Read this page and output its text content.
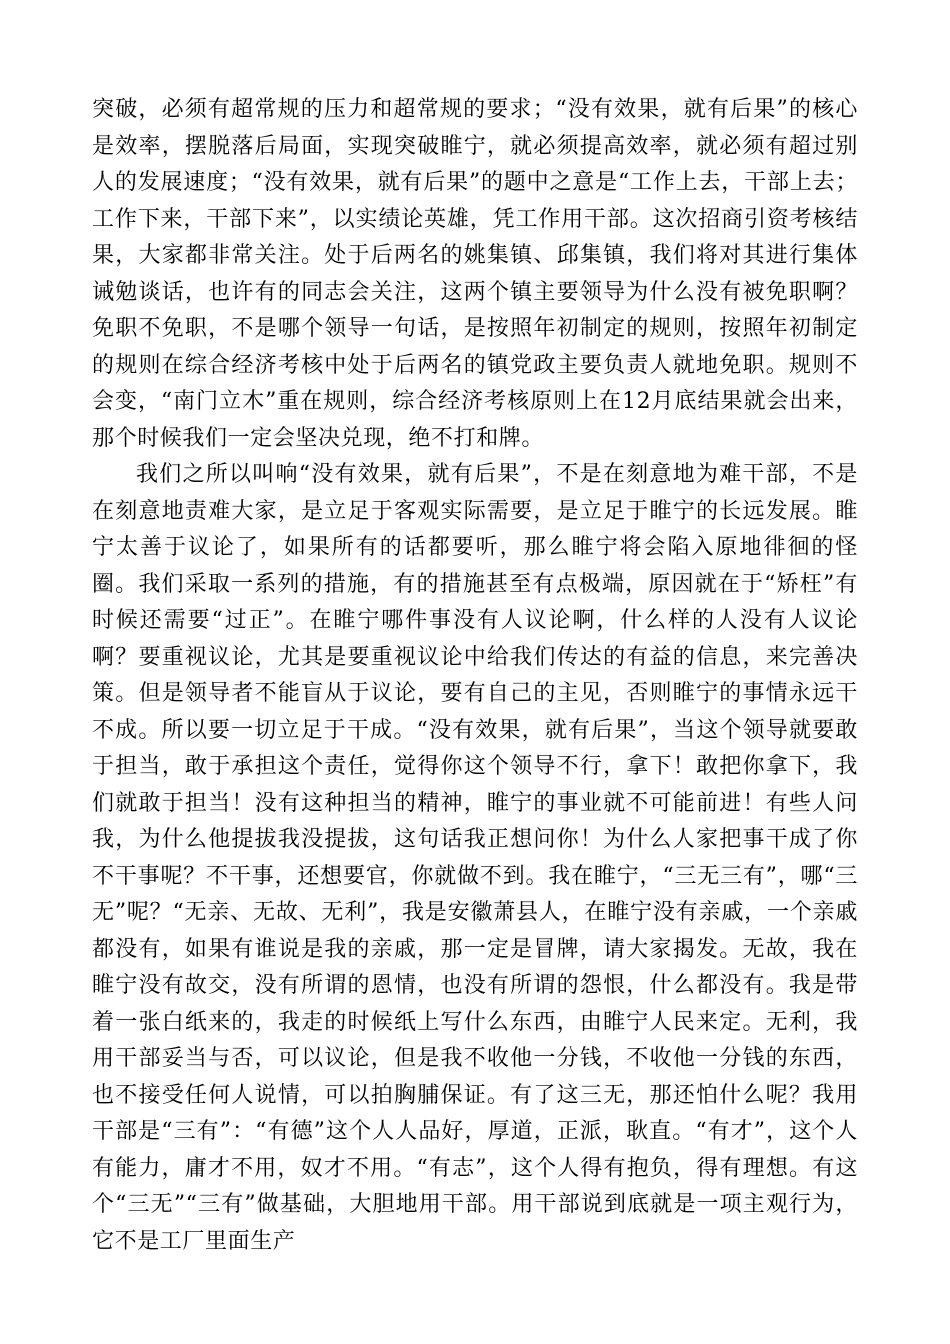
突破，必须有超常规的压力和超常规的要求；“没有效果，就有后果”的核心是效率，摆脱落后局面，实现突破睢宁，就必须提高效率，就必须有超过别人的发展速度；“没有效果，就有后果”的题中之意是“工作上去，干部上去；工作下来，干部下来”，以实绩论英雄，凭工作用干部。这次招商引资考核结果，大家都非常关注。处于后两名的姚集镇、邱集镇，我们将对其进行集体诫勉谈话，也许有的同志会关注，这两个镇主要领导为什么没有被免职啊？免职不免职，不是哪个领导一句话，是按照年初制定的规则，按照年初制定的规则在综合经济考核中处于后两名的镇党政主要负责人就地免职。规则不会变，“南门立木”重在规则，综合经济考核原则上在12月底结果就会出来，那个时候我们一定会坚决兑现，绝不打和牌。

我们之所以叫响“没有效果，就有后果”，不是在刻意地为难干部，不是在刻意地责难大家，是立足于客观实际需要，是立足于睢宁的长远发展。睢宁太善于议论了，如果所有的话都要听，那么睢宁将会陷入原地徘徊的怪圈。我们采取一系列的措施，有的措施甚至有点极端，原因就在于“矫枉”有时候还需要“过正”。在睢宁哪件事没有人议论啊，什么样的人没有人议论啊？要重视议论，尤其是要重视议论中给我们传达的有益的信息，来完善决策。但是领导者不能盲从于议论，要有自己的主见，否则睢宁的事情永远干不成。所以要一切立足于干成。“没有效果，就有后果”，当这个领导就要敢于担当，敢于承担这个责任，觉得你这个领导不行，拿下！敢把你拿下，我们就敢于担当！没有这种担当的精神，睢宁的事业就不可能前进！有些人问我，为什么他提拔我没提拔，这句话我正想问你！为什么人家把事干成了你不干事呢？不干事，还想要官，你就做不到。我在睢宁，“三无三有”，哪“三无”呢？“无亲、无故、无利”，我是安徽萧县人，在睢宁没有亲戚，一个亲戚都没有，如果有谁说是我的亲戚，那一定是冒牌，请大家揭发。无故，我在睢宁没有故交，没有所谓的恩情，也没有所谓的怨恨，什么都没有。我是带着一张白纸来的，我走的时候纸上写什么东西，由睢宁人民来定。无利，我用干部妥当与否，可以议论，但是我不收他一分钱，不收他一分钱的东西，也不接受任何人说情，可以拍胸脯保证。有了这三无，那还怕什么呢？我用干部是“三有”：“有德”这个人人品好，厚道，正派，耿直。“有才”，这个人有能力，庸才不用，奴才不用。“有志”，这个人得有抱负，得有理想。有这个“三无”“三有”做基础，大胆地用干部。用干部说到底就是一项主观行为，它不是工厂里面生产
